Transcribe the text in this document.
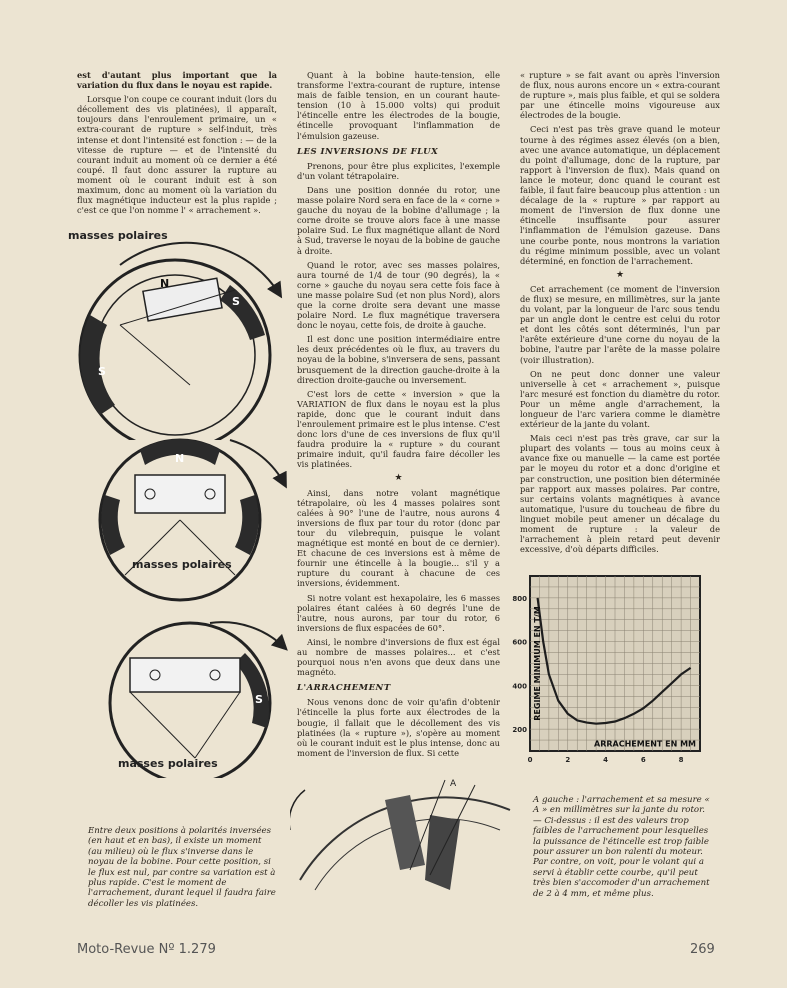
est d'autant plus important que la variation du flux dans le noyau est rapide.

Lorsque l'on coupe ce courant induit (lors du décollement des vis platinées), il apparaît, toujours dans l'enroulement primaire, un « extra-courant de rupture » self-induit, très intense et dont l'intensité est fonction : — de la vitesse de rupture — et de l'intensité du courant induit au moment où ce dernier a été coupé. Il faut donc assurer la rupture au moment où le courant induit est à son maximum, donc au moment où la variation du flux magnétique inducteur est la plus rapide ; c'est ce que l'on nomme l' « arrachement ».

Quant à la bobine haute-tension, elle transforme l'extra-courant de rupture, intense mais de faible tension, en un courant haute-tension (10 à 15.000 volts) qui produit l'étincelle entre les électrodes de la bougie, étincelle provoquant l'inflammation de l'émulsion gazeuse.

LES INVERSIONS DE FLUX

Prenons, pour être plus explicites, l'exemple d'un volant tétrapolaire.

Dans une position donnée du rotor, une masse polaire Nord sera en face de la « corne » gauche du noyau de la bobine d'allumage ; la corne droite se trouve alors face à une masse polaire Sud. Le flux magnétique allant de Nord à Sud, traverse le noyau de la bobine de gauche à droite.

Quand le rotor, avec ses masses polaires, aura tourné de 1/4 de tour (90 degrés), la « corne » gauche du noyau sera cette fois face à une masse polaire Sud (et non plus Nord), alors que la corne droite sera devant une masse polaire Nord. Le flux magnétique traversera donc le noyau, cette fois, de droite à gauche.

Il est donc une position intermédiaire entre les deux précédentes où le flux, au travers du noyau de la bobine, s'inversera de sens, passant brusquement de la direction gauche-droite à la direction droite-gauche ou inversement.

C'est lors de cette « inversion » que la VARIATION de flux dans le noyau est la plus rapide, donc que le courant induit dans l'enroulement primaire est le plus intense. C'est donc lors d'une de ces inversions de flux qu'il faudra produire la « rupture » du courant primaire induit, qu'il faudra faire décoller les vis platinées.

★

Ainsi, dans notre volant magnétique tétrapolaire, où les 4 masses polaires sont calées à 90° l'une de l'autre, nous aurons 4 inversions de flux par tour du rotor (donc par tour du vilebrequin, puisque le volant magnétique est monté en bout de ce dernier). Et chacune de ces inversions est à même de fournir une étincelle à la bougie... s'il y a rupture du courant à chacune de ces inversions, évidemment.

Si notre volant est hexapolaire, les 6 masses polaires étant calées à 60 degrés l'une de l'autre, nous aurons, par tour du rotor, 6 inversions de flux espacées de 60°.

Ainsi, le nombre d'inversions de flux est égal au nombre de masses polaires... et c'est pourquoi nous n'en avons que deux dans une magnéto.

L'ARRACHEMENT

Nous venons donc de voir qu'afin d'obtenir l'étincelle la plus forte aux électrodes de la bougie, il fallait que le décollement des vis platinées (la « rupture »), s'opère au moment où le courant induit est le plus intense, donc au moment de l'inversion de flux. Si cette

« rupture » se fait avant ou après l'inversion de flux, nous aurons encore un « extra-courant de rupture », mais plus faible, et qui se soldera par une étincelle moins vigoureuse aux électrodes de la bougie.

Ceci n'est pas très grave quand le moteur tourne à des régimes assez élevés (on a bien, avec une avance automatique, un déplacement du point d'allumage, donc de la rupture, par rapport à l'inversion de flux). Mais quand on lance le moteur, donc quand le courant est faible, il faut faire beaucoup plus attention : un décalage de la « rupture » par rapport au moment de l'inversion de flux donne une étincelle insuffisante pour assurer l'inflammation de l'émulsion gazeuse. Dans une courbe ponte, nous montrons la variation du régime minimum possible, avec un volant déterminé, en fonction de l'arrachement.

★

Cet arrachement (ce moment de l'inversion de flux) se mesure, en millimètres, sur la jante du volant, par la longueur de l'arc sous tendu par un angle dont le centre est celui du rotor et dont les côtés sont déterminés, l'un par l'arête extérieure d'une corne du noyau de la bobine, l'autre par l'arête de la masse polaire (voir illustration).

On ne peut donc donner une valeur universelle à cet « arrachement », puisque l'arc mesuré est fonction du diamètre du rotor. Pour un même angle d'arrachement, la longueur de l'arc variera comme le diamètre extérieur de la jante du volant.

Mais ceci n'est pas très grave, car sur la plupart des volants — tous au moins ceux à avance fixe ou manuelle — la came est portée par le moyeu du rotor et a donc d'origine et par construction, une position bien déterminée par rapport aux masses polaires. Par contre, sur certains volants magnétiques à avance automatique, l'usure du toucheau de fibre du linguet mobile peut amener un décalage du moment de rupture : la valeur de l'arrachement à plein retard peut devenir excessive, d'où départs difficiles.

N
S
S
masses polaires
N
masses polaires
S
masses polaires
Entre deux positions à polarités inversées (en haut et en bas), il existe un moment (au milieu) où le flux s'inverse dans le noyau de la bobine. Pour cette position, si le flux est nul, par contre sa variation est à plus rapide. C'est le moment de l'arrachement, durant lequel il faudra faire décoller les vis platinées.
A
200
400
600
800
0	2	4	6	8
ARRACHEMENT EN MM
REGIME MINIMUM EN T/M
A gauche : l'arrachement et sa mesure « A » en millimètres sur la jante du rotor. — Ci-dessus : il est des valeurs trop faibles de l'arrachement pour lesquelles la puissance de l'étincelle est trop faible pour assurer un bon ralenti du moteur. Par contre, on voit, pour le volant qui a servi à établir cette courbe, qu'il peut très bien s'accomoder d'un arrachement de 2 à 4 mm, et même plus.
Moto-Revue Nº 1.279	269
